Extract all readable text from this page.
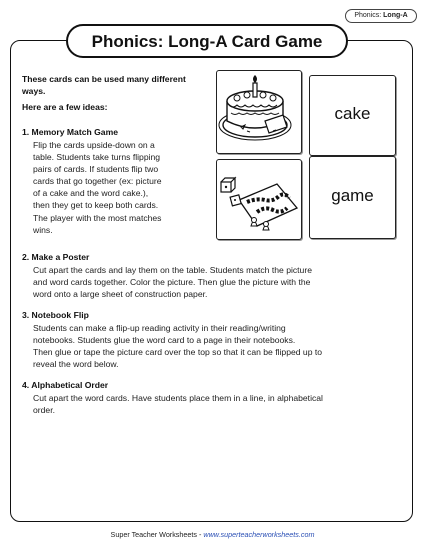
Phonics: Long-A
Phonics: Long-A Card Game
These cards can be used many different ways.
Here are a few ideas:
1. Memory Match Game
Flip the cards upside-down on a
table. Students take turns flipping
pairs of cards. If students flip two
cards that go together (ex: picture
of a cake and the word cake.),
then they get to keep both cards.
The player with the most matches
wins.
2. Make a Poster
Cut apart the cards and lay them on the table. Students match the picture
and word cards together. Color the picture. Then glue the picture with the
word onto a large sheet of construction paper.
3. Notebook Flip
Students can make a flip-up reading activity in their reading/writing
notebooks. Students glue the word card to a page in their notebooks.
Then glue or tape the picture card over the top so that it can be flipped up to
reveal the word below.
4. Alphabetical Order
Cut apart the word cards. Have students place them in a line, in alphabetical
order.
cake
game
Super Teacher Worksheets - www.superteacherworksheets.com
